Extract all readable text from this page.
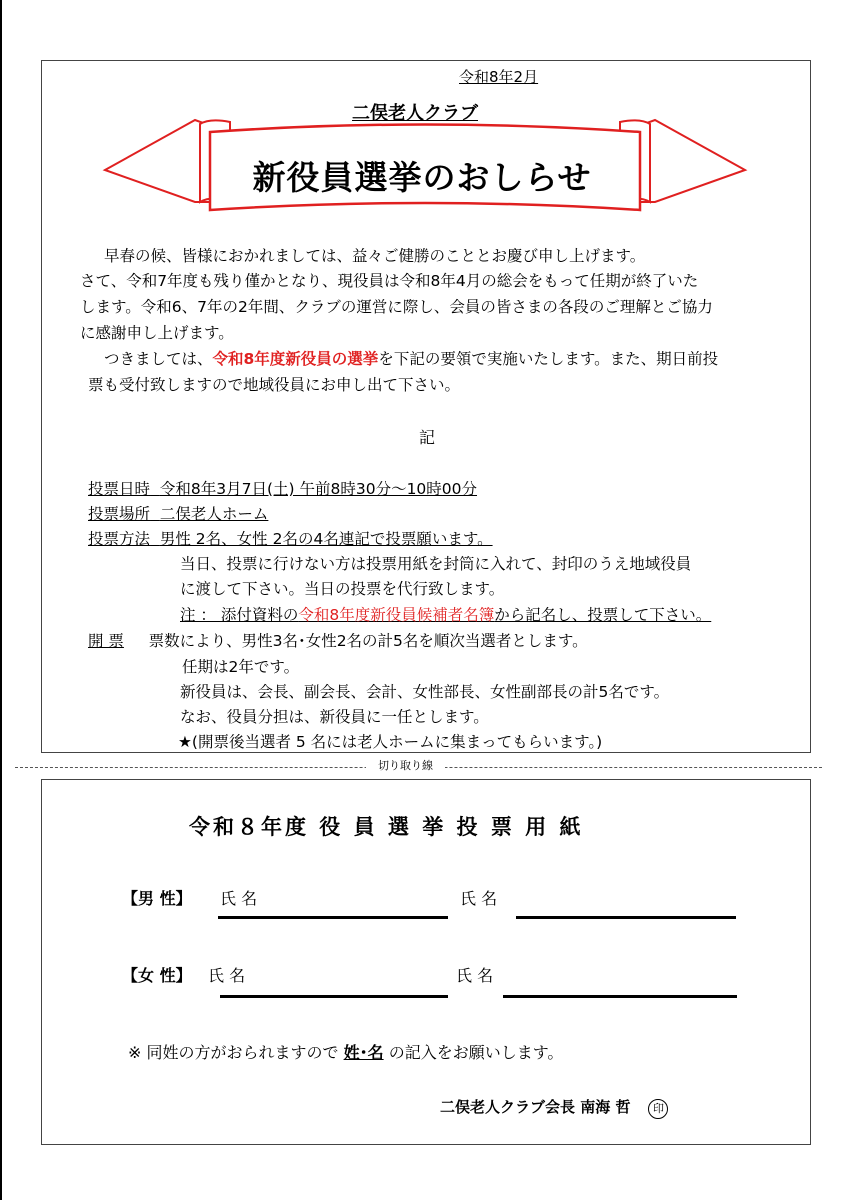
令和8年2月
二俣老人クラブ
新役員選挙のおしらせ
早春の候、皆様におかれましては、益々ご健勝のこととお慶び申し上げます。
さて、令和7年度も残り僅かとなり、現役員は令和8年4月の総会をもって任期が終了いた
します。令和6、7年の2年間、クラブの運営に際し、会員の皆さまの各段のご理解とご協力
に感謝申し上げます。
つきましては、令和8年度新役員の選挙を下記の要領で実施いたします。また、期日前投
票も受付致しますので地域役員にお申し出て下さい。
記
投票日時 令和8年3月7日(土) 午前8時30分～10時00分
投票場所 二俣老人ホーム
投票方法 男性 2名、女性 2名の4名連記で投票願います。
当日、投票に行けない方は投票用紙を封筒に入れて、封印のうえ地域役員
に渡して下さい。当日の投票を代行致します。
注 ： 添付資料の令和8年度新役員候補者名簿から記名し、投票して下さい。
開 票 票数により、男性3名･女性2名の計5名を順次当選者とします。
任期は2年です。
新役員は、会長、副会長、会計、女性部長、女性副部長の計5名です。
なお、役員分担は、新役員に一任とします。
★(開票後当選者 5 名には老人ホームに集まってもらいます。)
切り取り線
令和８年度 役 員 選 挙 投 票 用 紙
【男 性】 氏 名	氏 名
【女 性】 氏 名	氏 名
※ 同姓の方がおられますので 姓･名 の記入をお願いします。
二俣老人クラブ会長 南海 哲 印
